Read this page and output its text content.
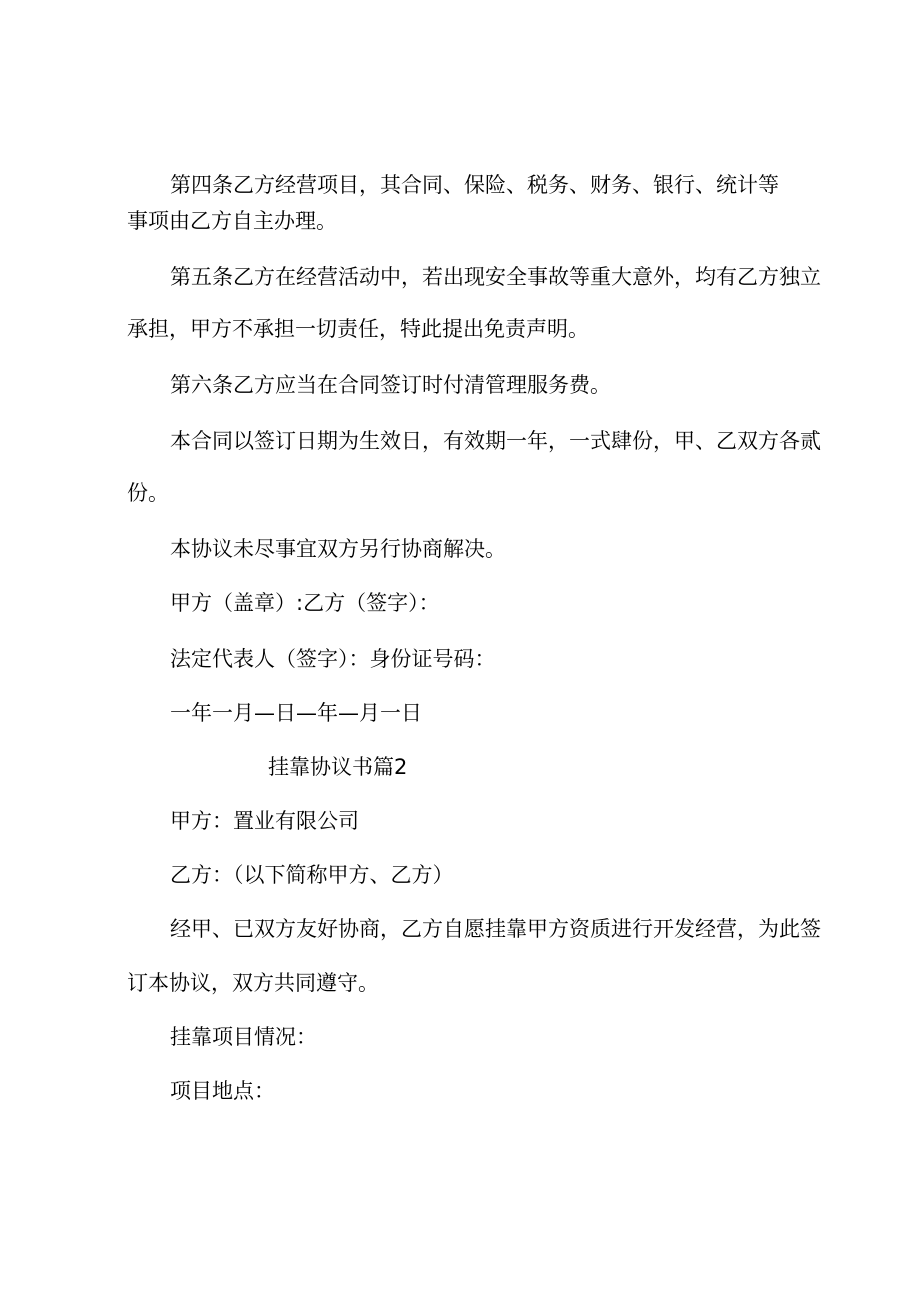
第四条乙方经营项目，其合同、保险、税务、财务、银行、统计等
事项由乙方自主办理。
第五条乙方在经营活动中，若出现安全事故等重大意外，均有乙方独立
承担，甲方不承担一切责任，特此提出免责声明。
第六条乙方应当在合同签订时付清管理服务费。
本合同以签订日期为生效日，有效期一年，一式肆份，甲、乙双方各贰
份。
本协议未尽事宜双方另行协商解决。
甲方（盖章）:乙方（签字）：
法定代表人（签字）：身份证号码：
一年一月—日—年—月一日
挂靠协议书篇2
甲方：置业有限公司
乙方：（以下简称甲方、乙方）
经甲、已双方友好协商，乙方自愿挂靠甲方资质进行开发经营，为此签
订本协议，双方共同遵守。
挂靠项目情况：
项目地点：
